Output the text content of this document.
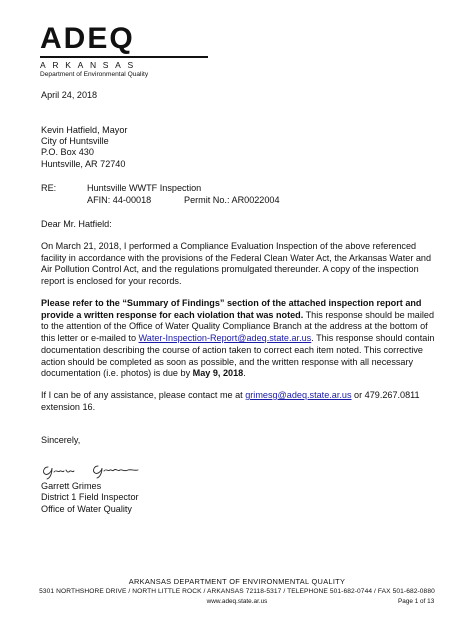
ADEQ
ARKANSAS
Department of Environmental Quality
April 24, 2018
Kevin Hatfield, Mayor
City of Huntsville
P.O. Box 430
Huntsville, AR 72740
RE:	Huntsville WWTF Inspection
AFIN: 44-00018	Permit No.: AR0022004
Dear Mr. Hatfield:

On March 21, 2018, I performed a Compliance Evaluation Inspection of the above referenced facility in accordance with the provisions of the Federal Clean Water Act, the Arkansas Water and Air Pollution Control Act, and the regulations promulgated thereunder. A copy of the inspection report is enclosed for your records.

Please refer to the “Summary of Findings” section of the attached inspection report and provide a written response for each violation that was noted. This response should be mailed to the attention of the Office of Water Quality Compliance Branch at the address at the bottom of this letter or e-mailed to Water-Inspection-Report@adeq.state.ar.us. This response should contain documentation describing the course of action taken to correct each item noted. This corrective action should be completed as soon as possible, and the written response with all necessary documentation (i.e. photos) is due by May 9, 2018.

If I can be of any assistance, please contact me at grimesg@adeq.state.ar.us or 479.267.0811 extension 16.

Sincerely,
Garrett Grimes
District 1 Field Inspector
Office of Water Quality
ARKANSAS DEPARTMENT OF ENVIRONMENTAL QUALITY
5301 NORTHSHORE DRIVE / NORTH LITTLE ROCK / ARKANSAS 72118-5317 / TELEPHONE 501-682-0744 / FAX 501-682-0880
www.adeq.state.ar.us	Page 1 of 13
